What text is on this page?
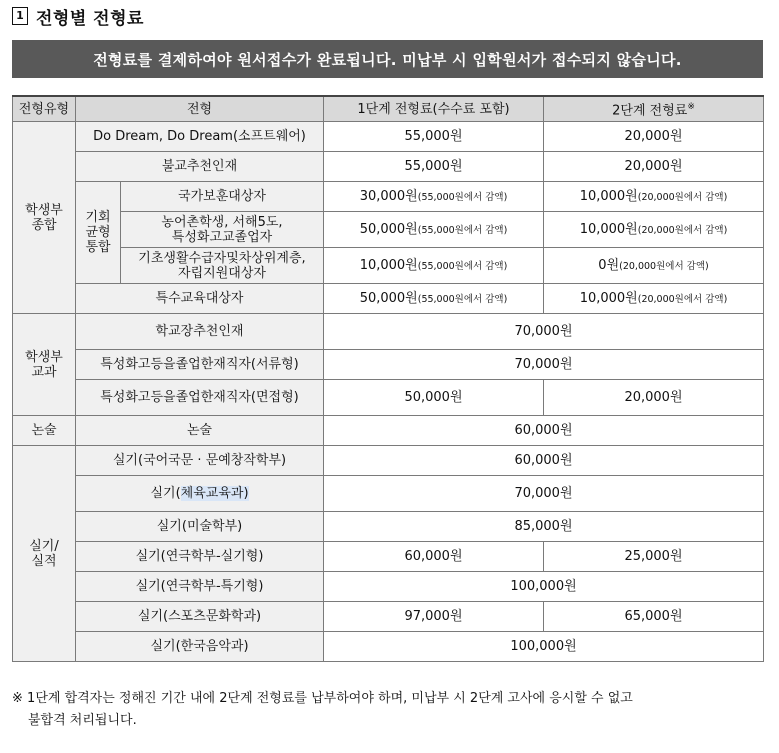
1 전형별 전형료
전형료를 결제하여야 원서접수가 완료됩니다. 미납부 시 입학원서가 접수되지 않습니다.
전형유형	전형		1단계 전형료(수수료 포함)	2단계 전형료※
학생부
종합	Do Dream, Do Dream(소프트웨어)		55,000원	20,000원
	불교추천인재		55,000원	20,000원
	기회
균형
통합	국가보훈대상자	30,000원(55,000원에서 감액)	10,000원(20,000원에서 감액)
		농어촌학생, 서해5도,
특성화고교졸업자	50,000원(55,000원에서 감액)	10,000원(20,000원에서 감액)
		기초생활수급자및차상위계층,
자립지원대상자	10,000원(55,000원에서 감액)	0원(20,000원에서 감액)
	특수교육대상자		50,000원(55,000원에서 감액)	10,000원(20,000원에서 감액)
학생부
교과	학교장추천인재		70,000원	
	특성화고등을졸업한재직자(서류형)		70,000원	
	특성화고등을졸업한재직자(면접형)		50,000원	20,000원
논술	논술		60,000원	
실기/
실적	실기(국어국문 · 문예창작학부)		60,000원	
	실기(체육교육과)		70,000원	
	실기(미술학부)		85,000원	
	실기(연극학부-실기형)		60,000원	25,000원
	실기(연극학부-특기형)		100,000원	
	실기(스포츠문화학과)		97,000원	65,000원
	실기(한국음악과)		100,000원	
※ 1단계 합격자는 정해진 기간 내에 2단계 전형료를 납부하여야 하며, 미납부 시 2단계 고사에 응시할 수 없고
불합격 처리됩니다.
